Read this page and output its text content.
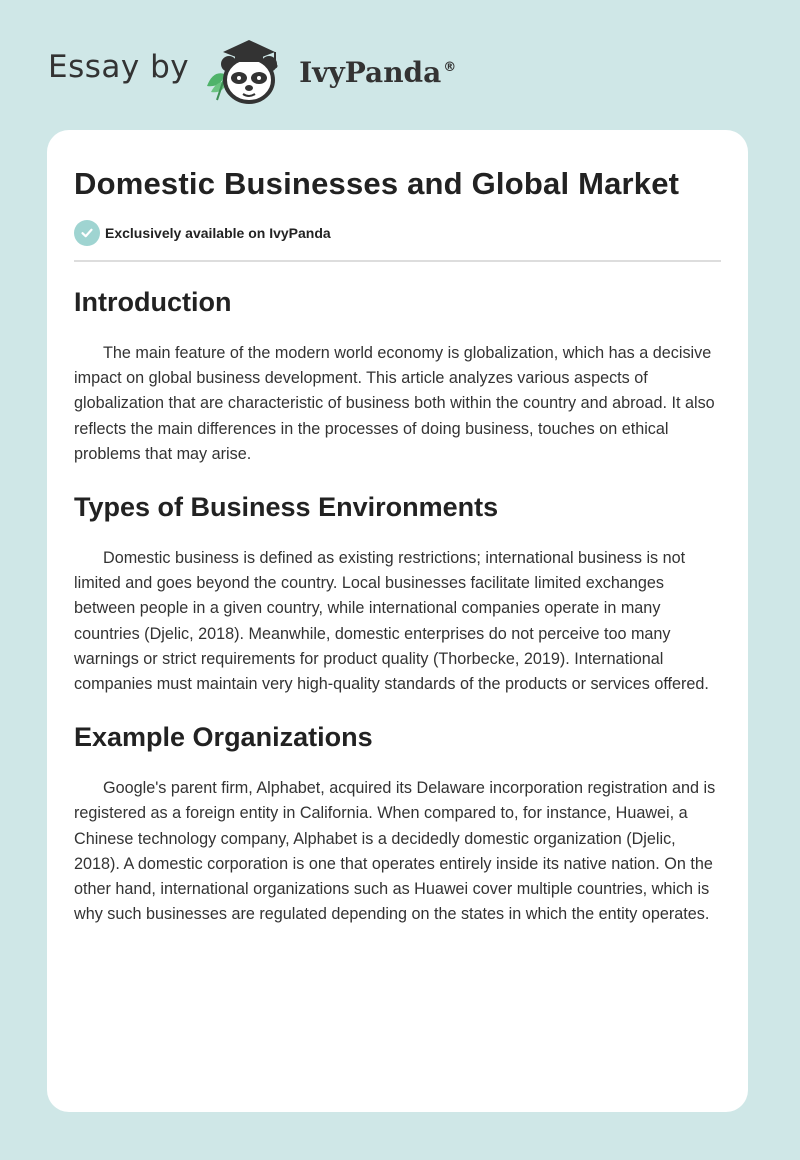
Essay by	IvyPanda ®
Domestic Businesses and Global Market
Exclusively available on IvyPanda
Introduction

The main feature of the modern world economy is globalization, which has a decisive impact on global business development. This article analyzes various aspects of globalization that are characteristic of business both within the country and abroad. It also reflects the main differences in the processes of doing business, touches on ethical problems that may arise.

Types of Business Environments

Domestic business is defined as existing restrictions; international business is not limited and goes beyond the country. Local businesses facilitate limited exchanges between people in a given country, while international companies operate in many countries (Djelic, 2018). Meanwhile, domestic enterprises do not perceive too many warnings or strict requirements for product quality (Thorbecke, 2019). International companies must maintain very high-quality standards of the products or services offered.

Example Organizations

Google's parent firm, Alphabet, acquired its Delaware incorporation registration and is registered as a foreign entity in California. When compared to, for instance, Huawei, a Chinese technology company, Alphabet is a decidedly domestic organization (Djelic, 2018). A domestic corporation is one that operates entirely inside its native nation. On the other hand, international organizations such as Huawei cover multiple countries, which is why such businesses are regulated depending on the states in which the entity operates.
